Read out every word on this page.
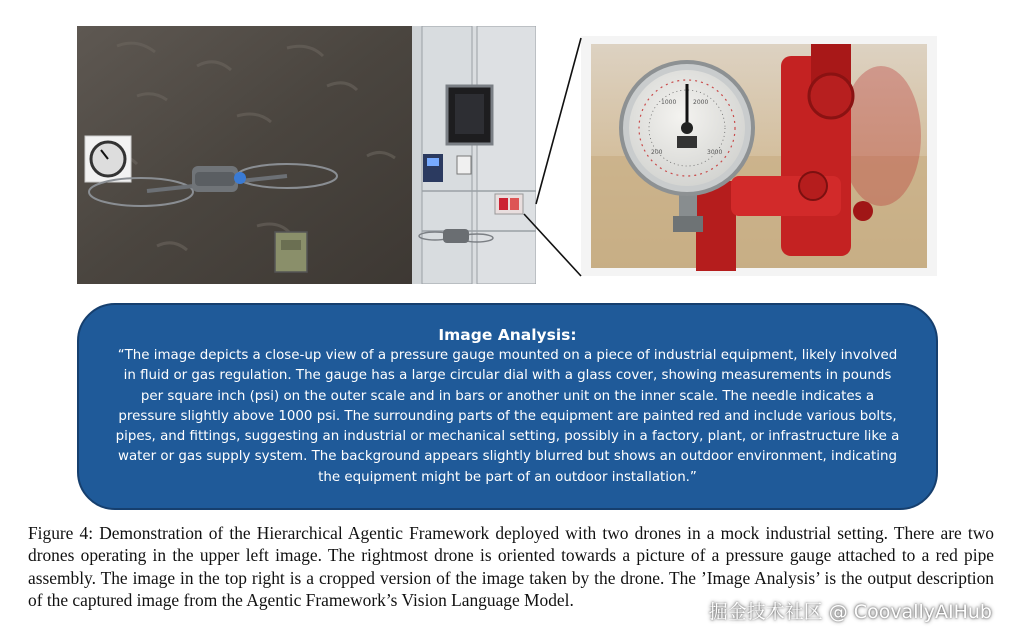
1000	2000
200	3000

Image Analysis:

“The image depicts a close-up view of a pressure gauge mounted on a piece of industrial equipment, likely involved in fluid or gas regulation. The gauge has a large circular dial with a glass cover, showing measurements in pounds per square inch (psi) on the outer scale and in bars or another unit on the inner scale. The needle indicates a pressure slightly above 1000 psi. The surrounding parts of the equipment are painted red and include various bolts, pipes, and fittings, suggesting an industrial or mechanical setting, possibly in a factory, plant, or infrastructure like a water or gas supply system. The background appears slightly blurred but shows an outdoor environment, indicating the equipment might be part of an outdoor installation.”

Figure 4: Demonstration of the Hierarchical Agentic Framework deployed with two drones in a mock industrial setting. There are two drones operating in the upper left image. The rightmost drone is oriented towards a picture of a pressure gauge attached to a red pipe assembly. The image in the top right is a cropped version of the image taken by the drone. The ’Image Analysis’ is the output description of the captured image from the Agentic Framework’s Vision Language Model.

掘金技术社区 @ CoovallyAIHub
